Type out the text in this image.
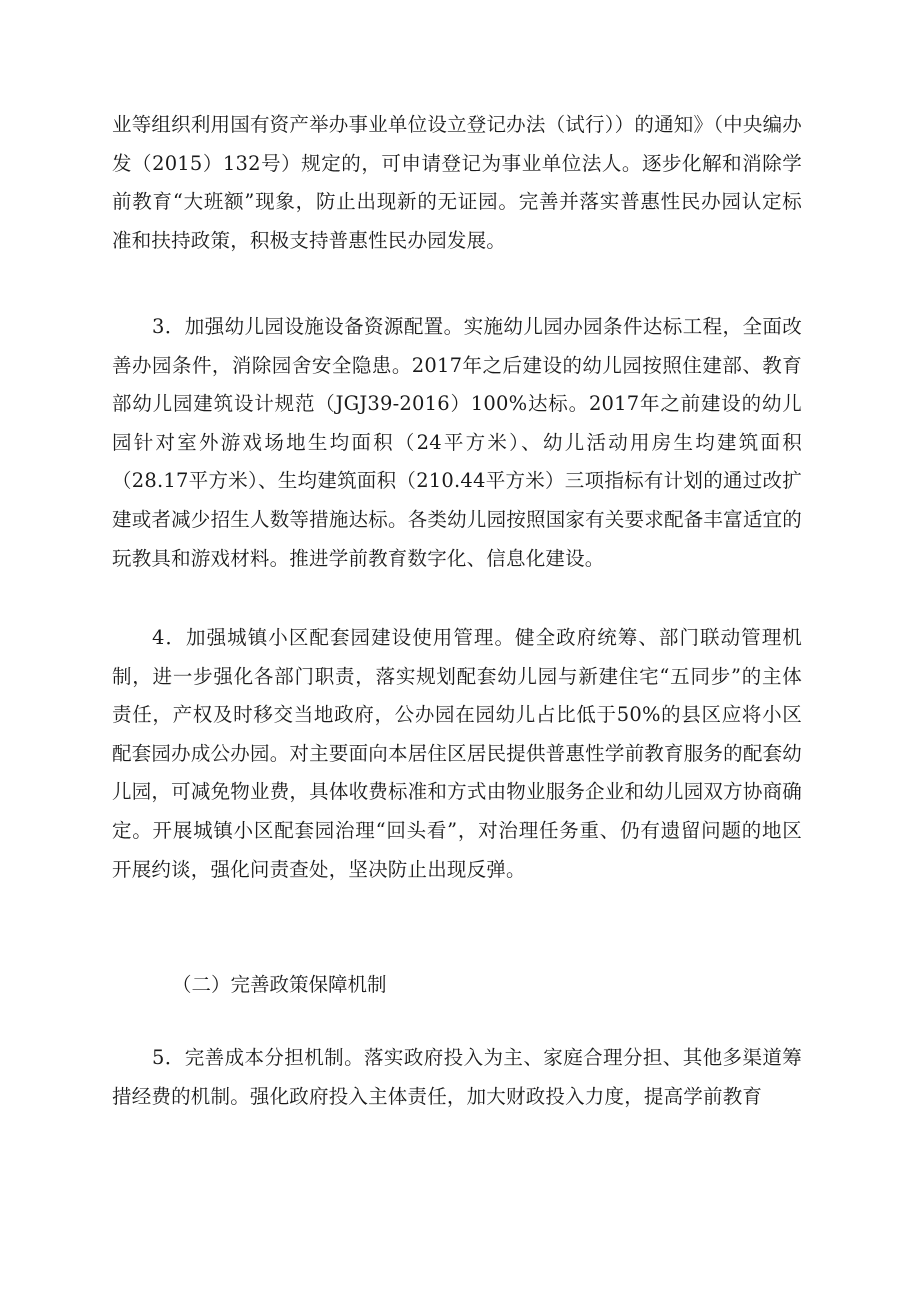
业等组织利用国有资产举办事业单位设立登记办法（试行））的通知》（中央编办发（2015）132号）规定的，可申请登记为事业单位法人。逐步化解和消除学前教育“大班额”现象，防止出现新的无证园。完善并落实普惠性民办园认定标准和扶持政策，积极支持普惠性民办园发展。

3．加强幼儿园设施设备资源配置。实施幼儿园办园条件达标工程，全面改善办园条件，消除园舍安全隐患。2017年之后建设的幼儿园按照住建部、教育部幼儿园建筑设计规范（JGJ39-2016）100%达标。2017年之前建设的幼儿园针对室外游戏场地生均面积（24平方米）、幼儿活动用房生均建筑面积（28.17平方米）、生均建筑面积（210.44平方米）三项指标有计划的通过改扩建或者减少招生人数等措施达标。各类幼儿园按照国家有关要求配备丰富适宜的玩教具和游戏材料。推进学前教育数字化、信息化建设。

4．加强城镇小区配套园建设使用管理。健全政府统筹、部门联动管理机制，进一步强化各部门职责，落实规划配套幼儿园与新建住宅“五同步”的主体责任，产权及时移交当地政府，公办园在园幼儿占比低于50%的县区应将小区配套园办成公办园。对主要面向本居住区居民提供普惠性学前教育服务的配套幼儿园，可减免物业费，具体收费标准和方式由物业服务企业和幼儿园双方协商确定。开展城镇小区配套园治理“回头看”，对治理任务重、仍有遗留问题的地区开展约谈，强化问责查处，坚决防止出现反弹。

（二）完善政策保障机制

5．完善成本分担机制。落实政府投入为主、家庭合理分担、其他多渠道筹措经费的机制。强化政府投入主体责任，加大财政投入力度，提高学前教育
